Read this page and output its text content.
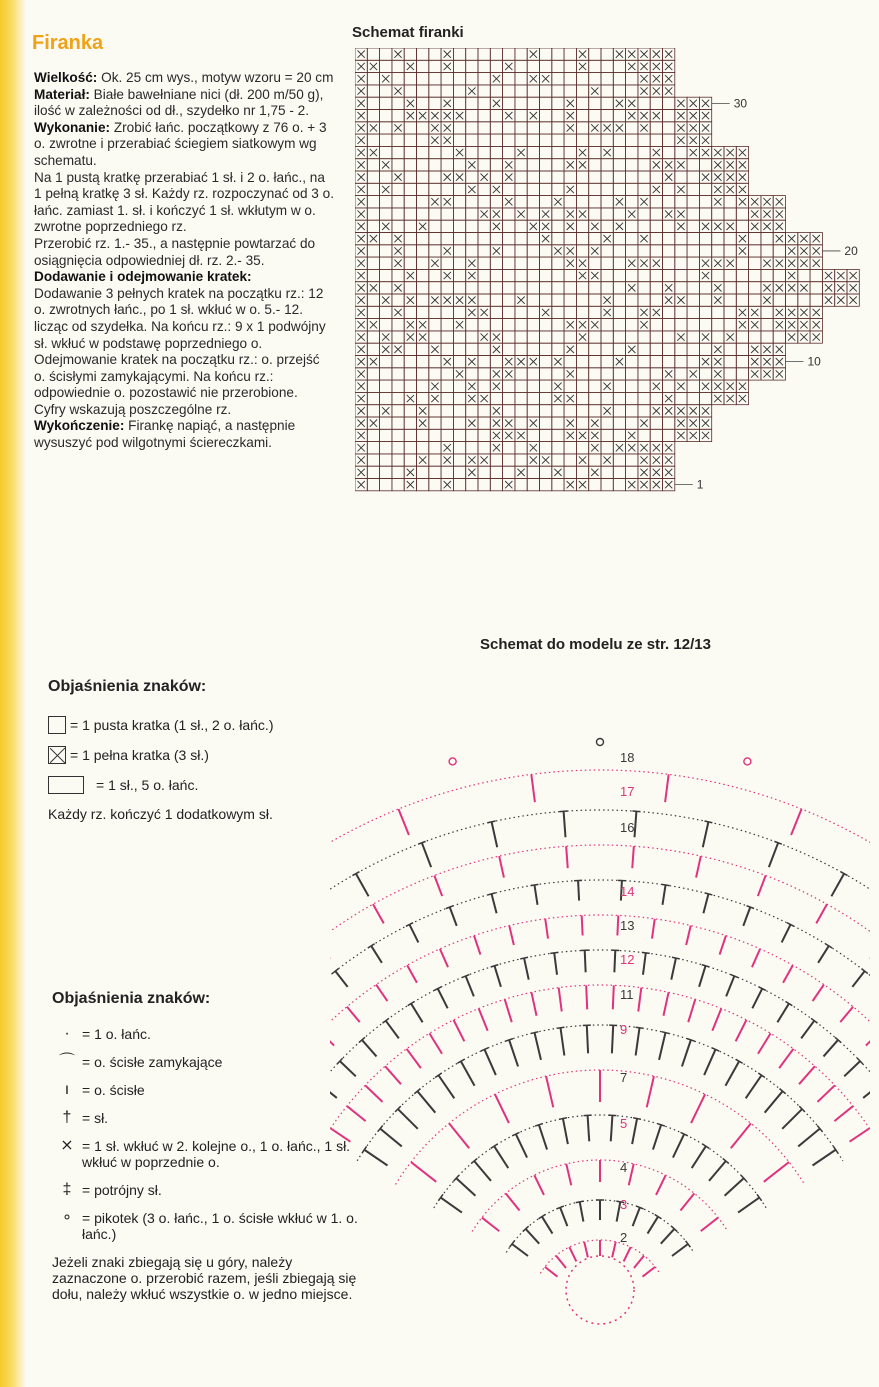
Firanka

Wielkość: Ok. 25 cm wys., motyw wzoru = 20 cm

Materiał: Białe bawełniane nici (dł. 200 m/50 g), ilość w zależności od dł., szydełko nr 1,75 - 2.

Wykonanie: Zrobić łańc. początkowy z 76 o. + 3 o. zwrotne i przerabiać ściegiem siatkowym wg schematu.

Na 1 pustą kratkę przerabiać 1 sł. i 2 o. łańc., na 1 pełną kratkę 3 sł. Każdy rz. rozpoczynać od 3 o. łańc. zamiast 1. sł. i kończyć 1 sł. wkłutym w o. zwrotne poprzedniego rz.

Przerobić rz. 1.- 35., a następnie powtarzać do osiągnięcia odpowiedniej dł. rz. 2.- 35.

Dodawanie i odejmowanie kratek:

Dodawanie 3 pełnych kratek na początku rz.: 12 o. zwrotnych łańc., po 1 sł. wkłuć w o. 5.- 12. licząc od szydełka. Na końcu rz.: 9 x 1 podwójny sł. wkłuć w podstawę poprzedniego o.

Odejmowanie kratek na początku rz.: o. przejść o. ścisłymi zamykającymi. Na końcu rz.: odpowiednie o. pozostawić nie przerobione.

Cyfry wskazują poszczególne rz.

Wykończenie: Firankę napiąć, a następnie wysuszyć pod wilgotnymi ściereczkami.

Objaśnienia znaków:
= 1 pusta kratka (1 sł., 2 o. łańc.)
= 1 pełna kratka (3 sł.)
= 1 sł., 5 o. łańc.
Każdy rz. kończyć 1 dodatkowym sł.
Objaśnienia znaków:
· = 1 o. łańc.
⌒ = o. ścisłe zamykające
ı = o. ścisłe
† = sł.
⨯ = 1 sł. wkłuć w 2. kolejne o., 1 o. łańc., 1 sł. wkłuć w poprzednie o.
‡ = potrójny sł.
∘ = pikotek (3 o. łańc., 1 o. ścisłe wkłuć w 1. o. łańc.)
Jeżeli znaki zbiegają się u góry, należy zaznaczone o. przerobić razem, jeśli zbiegają się dołu, należy wkłuć wszystkie o. w jedno miejsce.
Schemat firanki
30
20
10
1
Schemat do modelu ze str. 12/13
18
17
16
14
13
12
11
9
7
5
4
3
2
